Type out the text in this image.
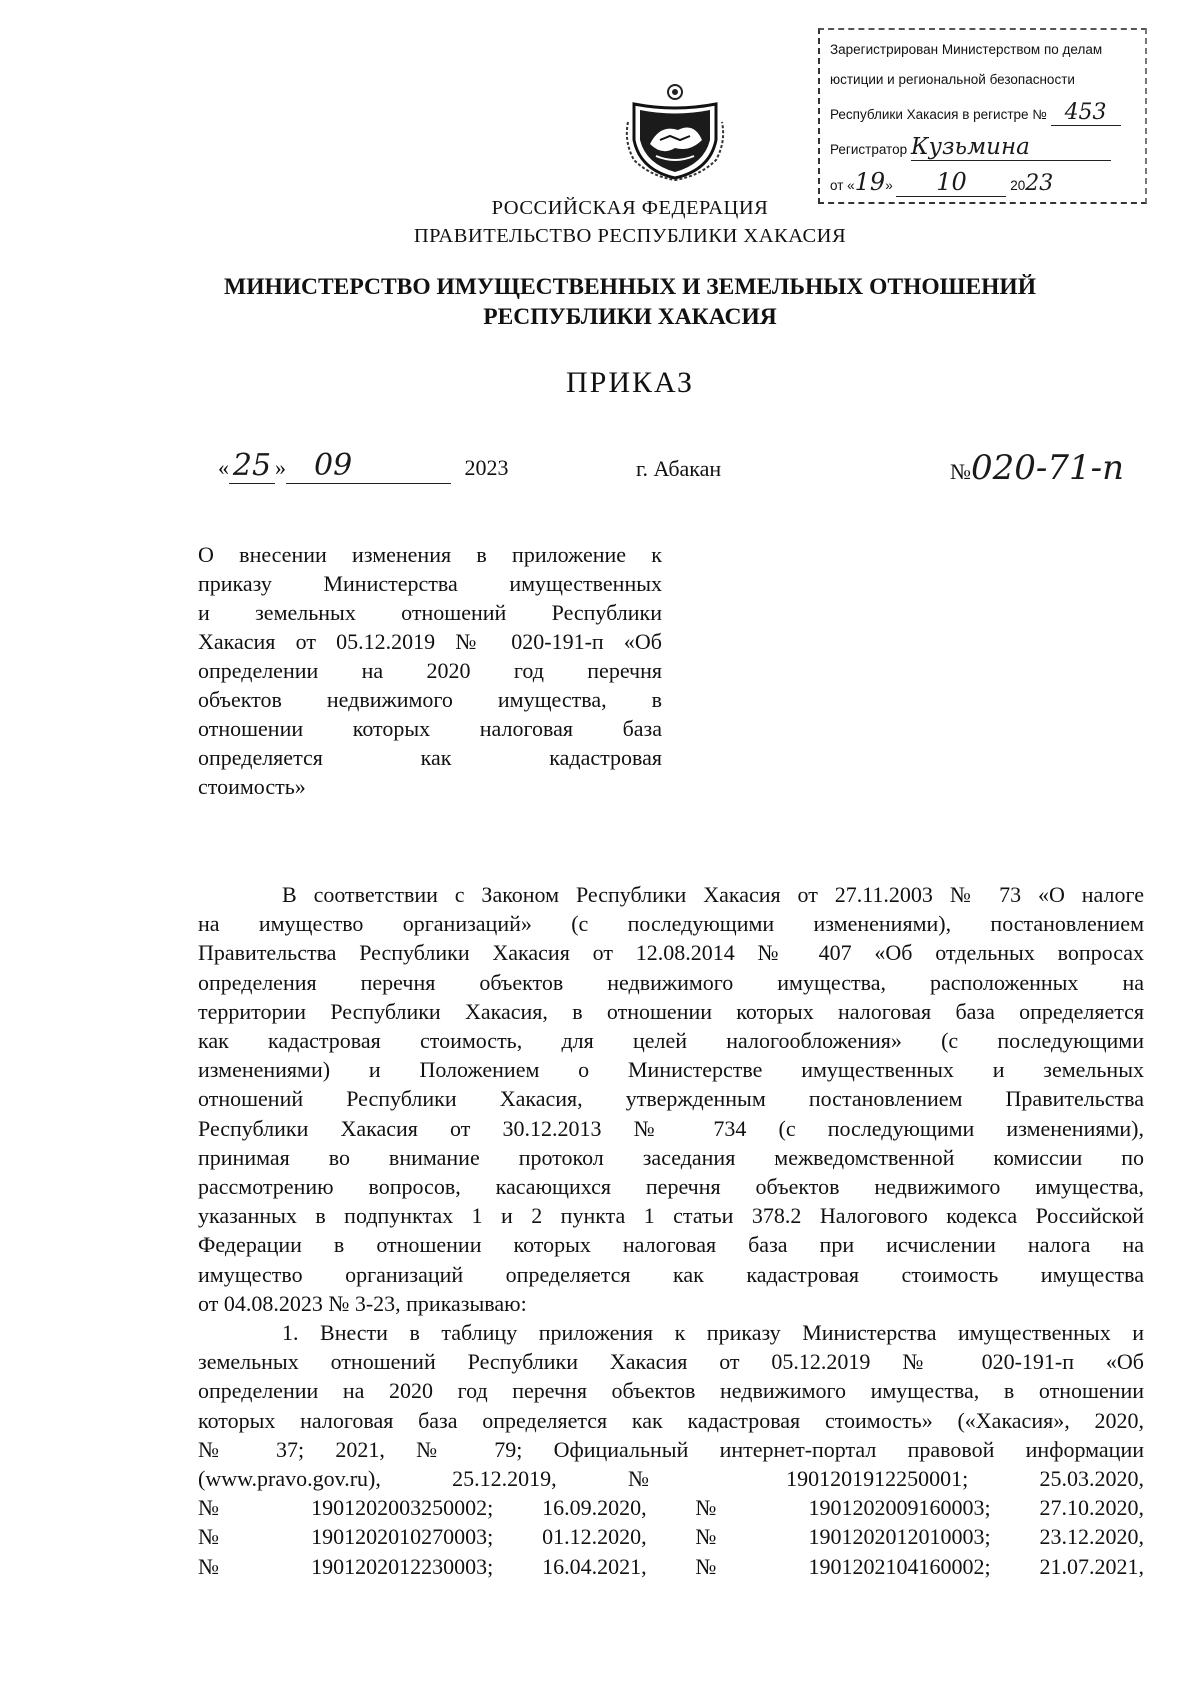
Зарегистрирован Министерством по делам
юстиции и региональной безопасности
Республики Хакасия в регистре № 453
Регистратор Кузьмина
от «19» 10	2023
РОССИЙСКАЯ ФЕДЕРАЦИЯ
ПРАВИТЕЛЬСТВО РЕСПУБЛИКИ ХАКАСИЯ
МИНИСТЕРСТВО ИМУЩЕСТВЕННЫХ И ЗЕМЕЛЬНЫХ ОТНОШЕНИЙ
РЕСПУБЛИКИ ХАКАСИЯ
ПРИКАЗ
« 25 » 09	2023	г. Абакан	№020-71-п
О внесении изменения в приложение к
приказу Министерства имущественных
и земельных отношений Республики
Хакасия от 05.12.2019 № 020-191-п «Об
определении на 2020 год перечня
объектов недвижимого имущества, в
отношении которых налоговая база
определяется как кадастровая
стоимость»
В соответствии с Законом Республики Хакасия от 27.11.2003 № 73 «О налоге
на имущество организаций» (с последующими изменениями), постановлением
Правительства Республики Хакасия от 12.08.2014 № 407 «Об отдельных вопросах
определения перечня объектов недвижимого имущества, расположенных на
территории Республики Хакасия, в отношении которых налоговая база определяется
как кадастровая стоимость, для целей налогообложения» (с последующими
изменениями) и Положением о Министерстве имущественных и земельных
отношений Республики Хакасия, утвержденным постановлением Правительства
Республики Хакасия от 30.12.2013 № 734 (с последующими изменениями),
принимая во внимание протокол заседания межведомственной комиссии по
рассмотрению вопросов, касающихся перечня объектов недвижимого имущества,
указанных в подпунктах 1 и 2 пункта 1 статьи 378.2 Налогового кодекса Российской
Федерации в отношении которых налоговая база при исчислении налога на
имущество организаций определяется как кадастровая стоимость имущества
от 04.08.2023 № 3-23, приказываю:
1. Внести в таблицу приложения к приказу Министерства имущественных и
земельных отношений Республики Хакасия от 05.12.2019 № 020-191-п «Об
определении на 2020 год перечня объектов недвижимого имущества, в отношении
которых налоговая база определяется как кадастровая стоимость» («Хакасия», 2020,
№ 37; 2021, № 79; Официальный интернет-портал правовой информации
(www.pravo.gov.ru), 25.12.2019, № 1901201912250001; 25.03.2020,
№ 1901202003250002; 16.09.2020, № 1901202009160003; 27.10.2020,
№ 1901202010270003; 01.12.2020, № 1901202012010003; 23.12.2020,
№ 1901202012230003; 16.04.2021, № 1901202104160002; 21.07.2021,
